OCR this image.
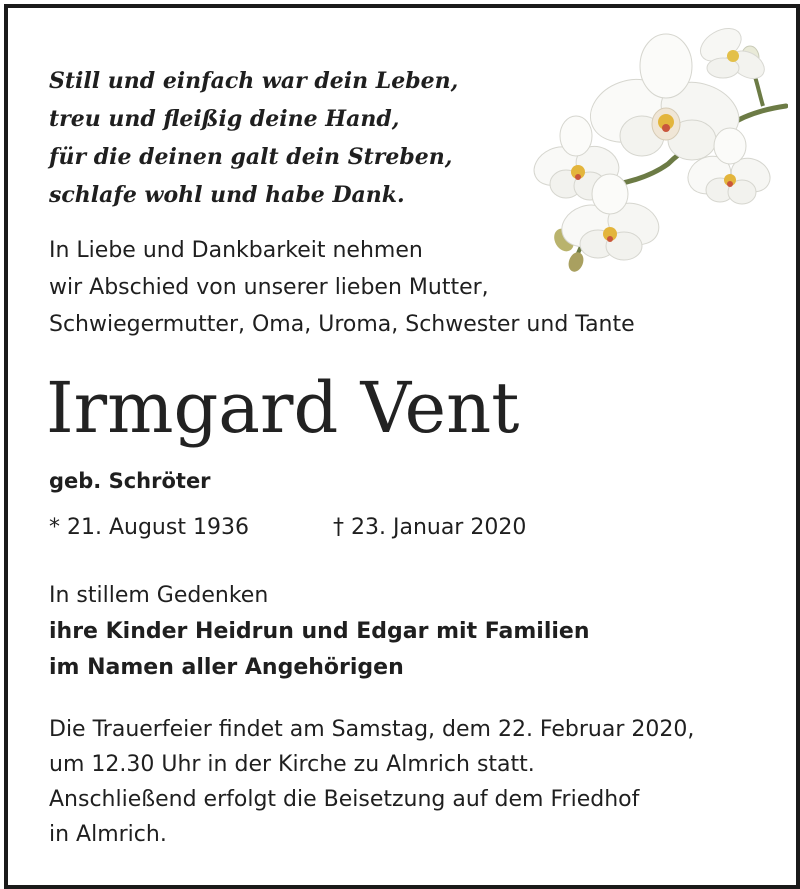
Still und einfach war dein Leben,
treu und fleißig deine Hand,
für die deinen galt dein Streben,
schlafe wohl und habe Dank.
In Liebe und Dankbarkeit nehmen
wir Abschied von unserer lieben Mutter,
Schwiegermutter, Oma, Uroma, Schwester und Tante
Irmgard Vent
geb. Schröter
* 21. August 1936	† 23. Januar 2020
In stillem Gedenken
ihre Kinder Heidrun und Edgar mit Familien
im Namen aller Angehörigen
Die Trauerfeier findet am Samstag, dem 22. Februar 2020,
um 12.30 Uhr in der Kirche zu Almrich statt.
Anschließend erfolgt die Beisetzung auf dem Friedhof
in Almrich.
